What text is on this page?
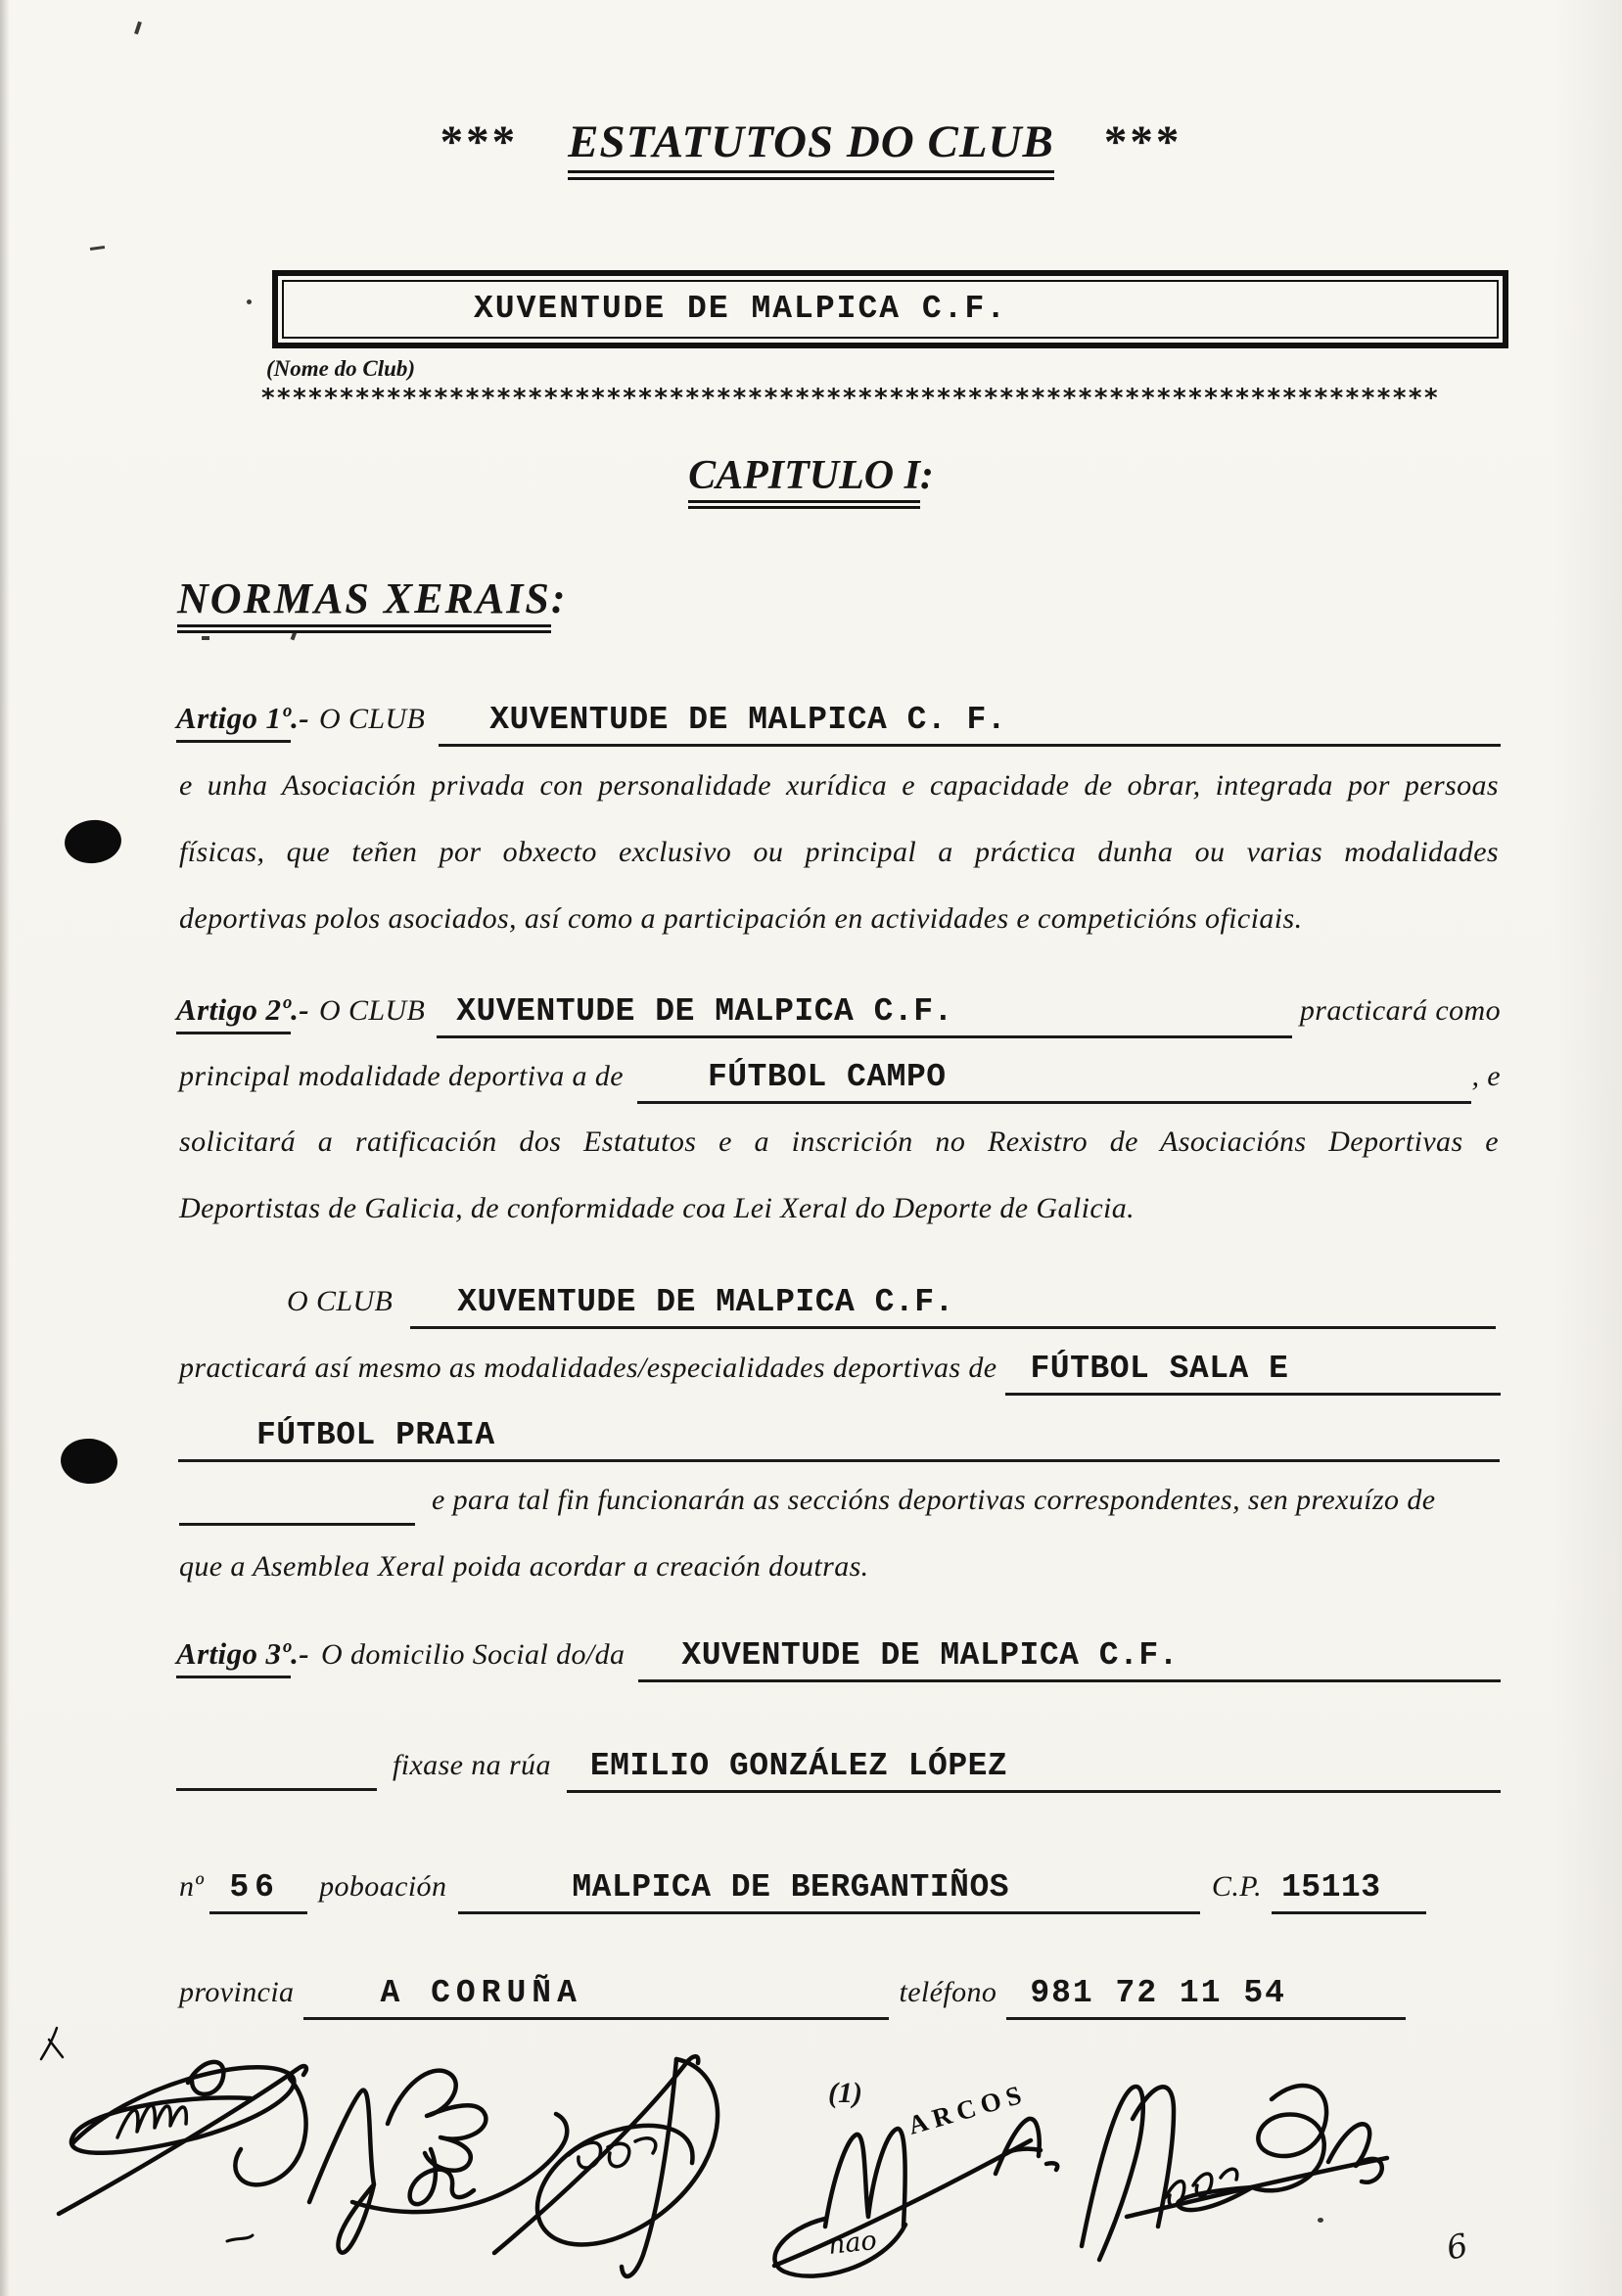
*** ESTATUTOS DO CLUB ***
XUVENTUDE DE MALPICA C.F.
(Nome do Club)
***************************************************************************
CAPITULO I:
NORMAS XERAIS:
Artigo 1º .- O CLUB	XUVENTUDE DE MALPICA C. F.
e unha Asociación privada con personalidade xurídica e capacidade de obrar, integrada por persoas
físicas, que teñen por obxecto exclusivo ou principal a práctica dunha ou varias modalidades
deportivas polos asociados, así como a participación en actividades e competicións oficiais.
Artigo 2º .- O CLUB XUVENTUDE DE MALPICA C.F.	practicará como
principal modalidade deportiva a de	FÚTBOL CAMPO	, e
solicitará a ratificación dos Estatutos e a inscrición no Rexistro de Asociacións Deportivas e
Deportistas de Galicia, de conformidade coa Lei Xeral do Deporte de Galicia.
O CLUB	XUVENTUDE DE MALPICA C.F.
practicará así mesmo as modalidades/especialidades deportivas de	FÚTBOL SALA E
FÚTBOL PRAIA
e para tal fin funcionarán as seccións deportivas correspondentes, sen prexuízo de
que a Asemblea Xeral poida acordar a creación doutras.
Artigo 3º .- O domicilio Social do/da	XUVENTUDE DE MALPICA C.F.
fixase na rúa	EMILIO GONZÁLEZ LÓPEZ
nº 56	poboación	MALPICA DE BERGANTIÑOS	C.P. 15113
provincia	A CORUÑA	teléfono	981 72 11 54
(1)
6
ARCOS
nao
